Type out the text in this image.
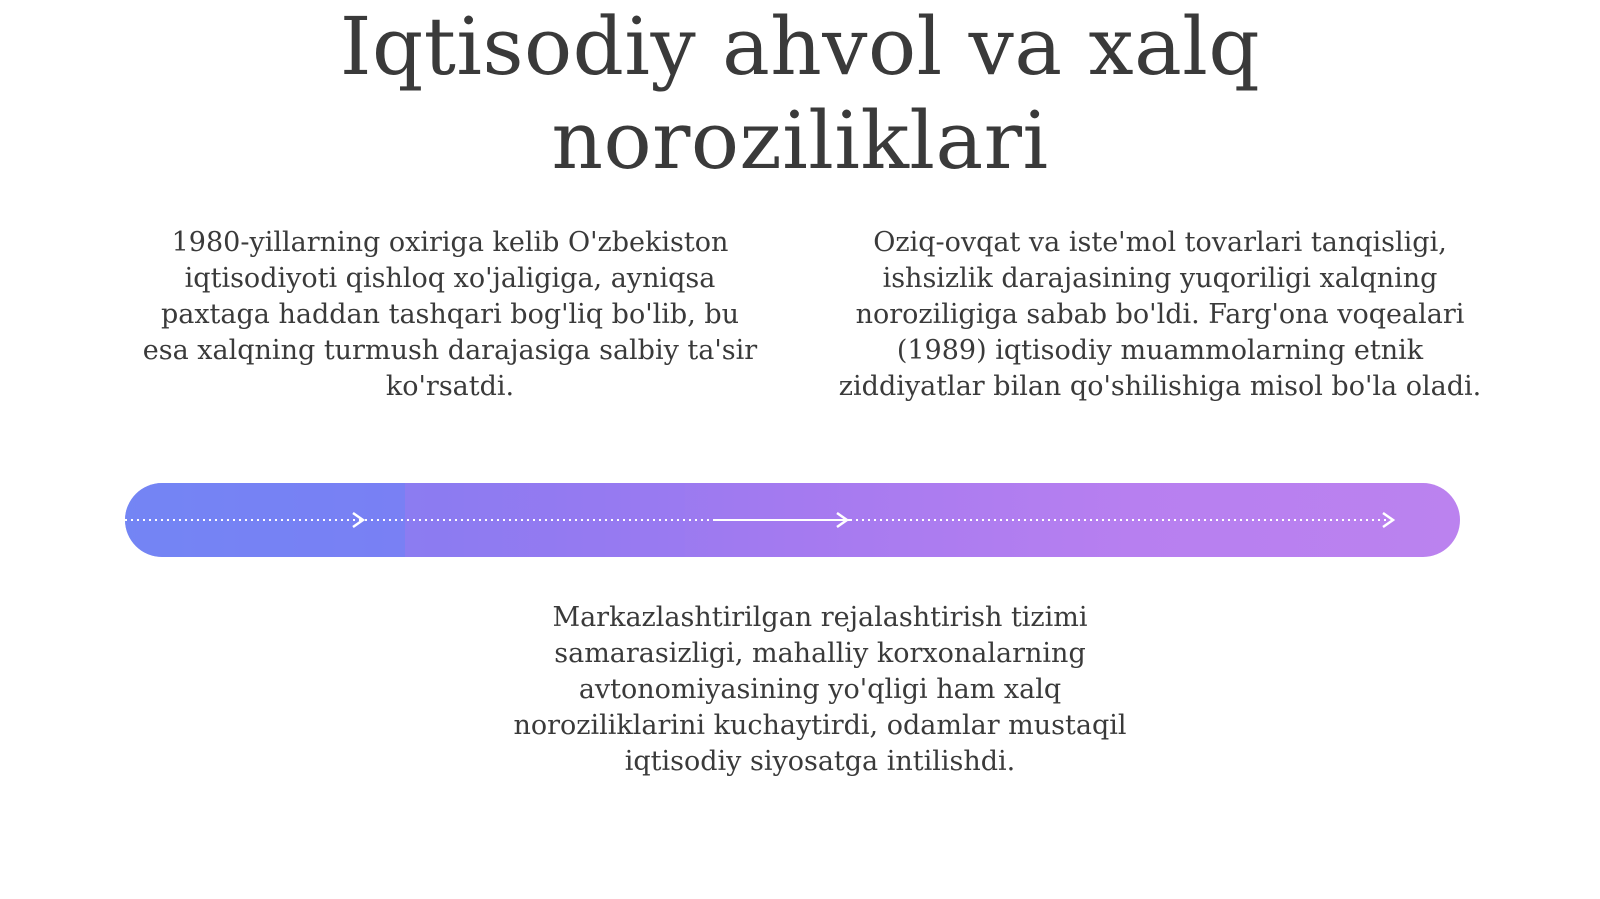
Iqtisodiy ahvol va xalq noroziliklari

1980-yillarning oxiriga kelib O'zbekiston iqtisodiyoti qishloq xo'jaligiga, ayniqsa paxtaga haddan tashqari bog'liq bo'lib, bu esa xalqning turmush darajasiga salbiy ta'sir ko'rsatdi.

Oziq-ovqat va iste'mol tovarlari tanqisligi, ishsizlik darajasining yuqoriligi xalqning noroziligiga sabab bo'ldi. Farg'ona voqealari (1989) iqtisodiy muammolarning etnik ziddiyatlar bilan qo'shilishiga misol bo'la oladi.

Markazlashtirilgan rejalashtirish tizimi samarasizligi, mahalliy korxonalarning avtonomiyasining yo'qligi ham xalq noroziliklarini kuchaytirdi, odamlar mustaqil iqtisodiy siyosatga intilishdi.
